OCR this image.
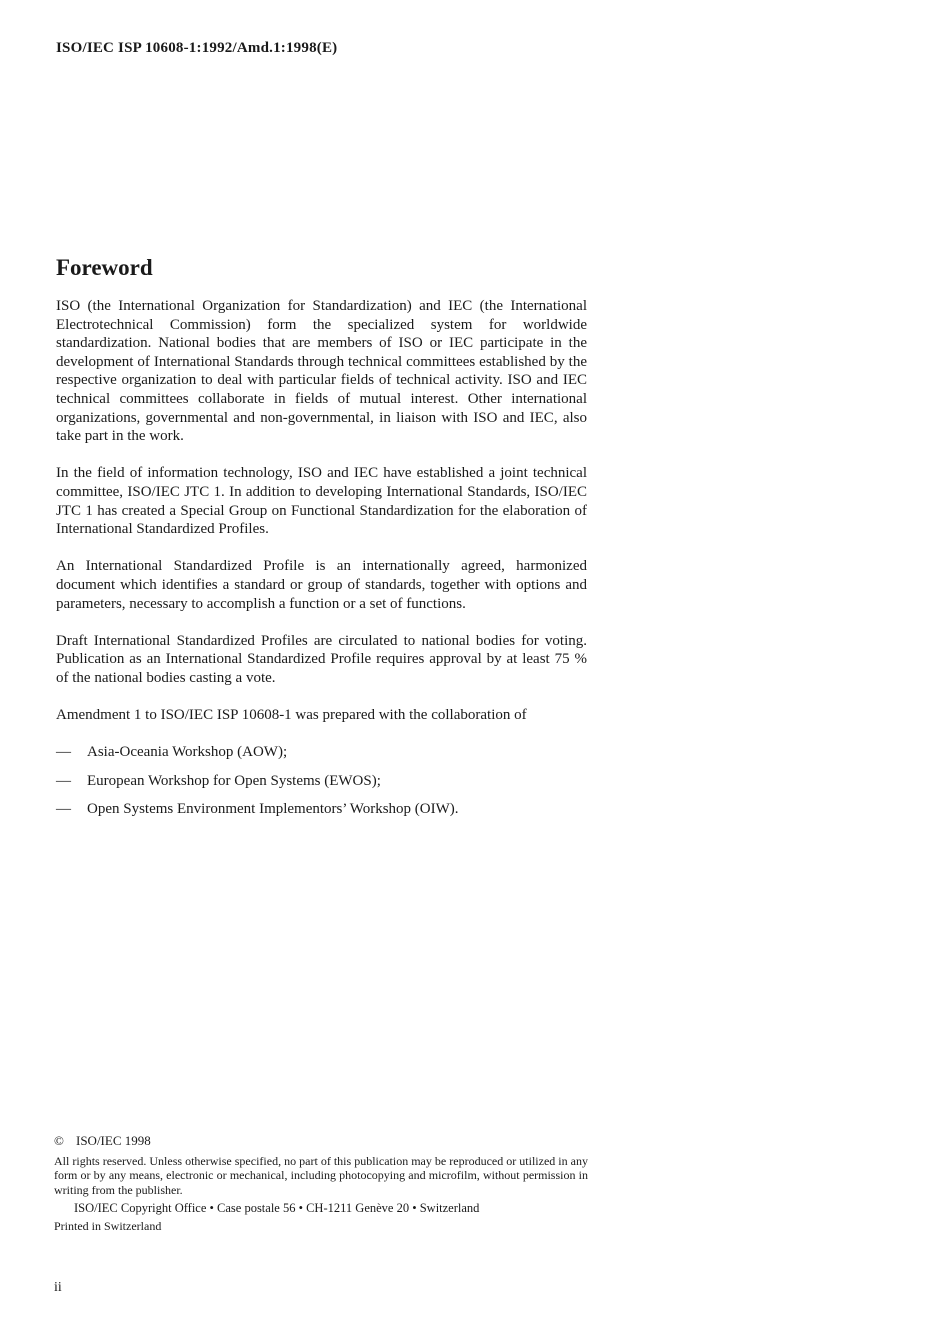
ISO/IEC ISP 10608-1:1992/Amd.1:1998(E)
Foreword

ISO (the International Organization for Standardization) and IEC (the International Electrotechnical Commission) form the specialized system for worldwide standardization. National bodies that are members of ISO or IEC participate in the development of International Standards through technical committees established by the respective organization to deal with particular fields of technical activity. ISO and IEC technical committees collaborate in fields of mutual interest. Other international organizations, governmental and non-governmental, in liaison with ISO and IEC, also take part in the work.

In the field of information technology, ISO and IEC have established a joint technical committee, ISO/IEC JTC 1. In addition to developing International Standards, ISO/IEC JTC 1 has created a Special Group on Functional Standardization for the elaboration of International Standardized Profiles.

An International Standardized Profile is an internationally agreed, harmonized document which identifies a standard or group of standards, together with options and parameters, necessary to accomplish a function or a set of functions.

Draft International Standardized Profiles are circulated to national bodies for voting. Publication as an International Standardized Profile requires approval by at least 75 % of the national bodies casting a vote.

Amendment 1 to ISO/IEC ISP 10608-1 was prepared with the collaboration of

—	Asia-Oceania Workshop (AOW);
—	European Workshop for Open Systems (EWOS);
—	Open Systems Environment Implementors’ Workshop (OIW).
© ISO/IEC 1998
All rights reserved. Unless otherwise specified, no part of this publication may be reproduced or utilized in any form or by any means, electronic or mechanical, including photocopying and microfilm, without permission in writing from the publisher.
ISO/IEC Copyright Office • Case postale 56 • CH-1211 Genève 20 • Switzerland
Printed in Switzerland
ii
